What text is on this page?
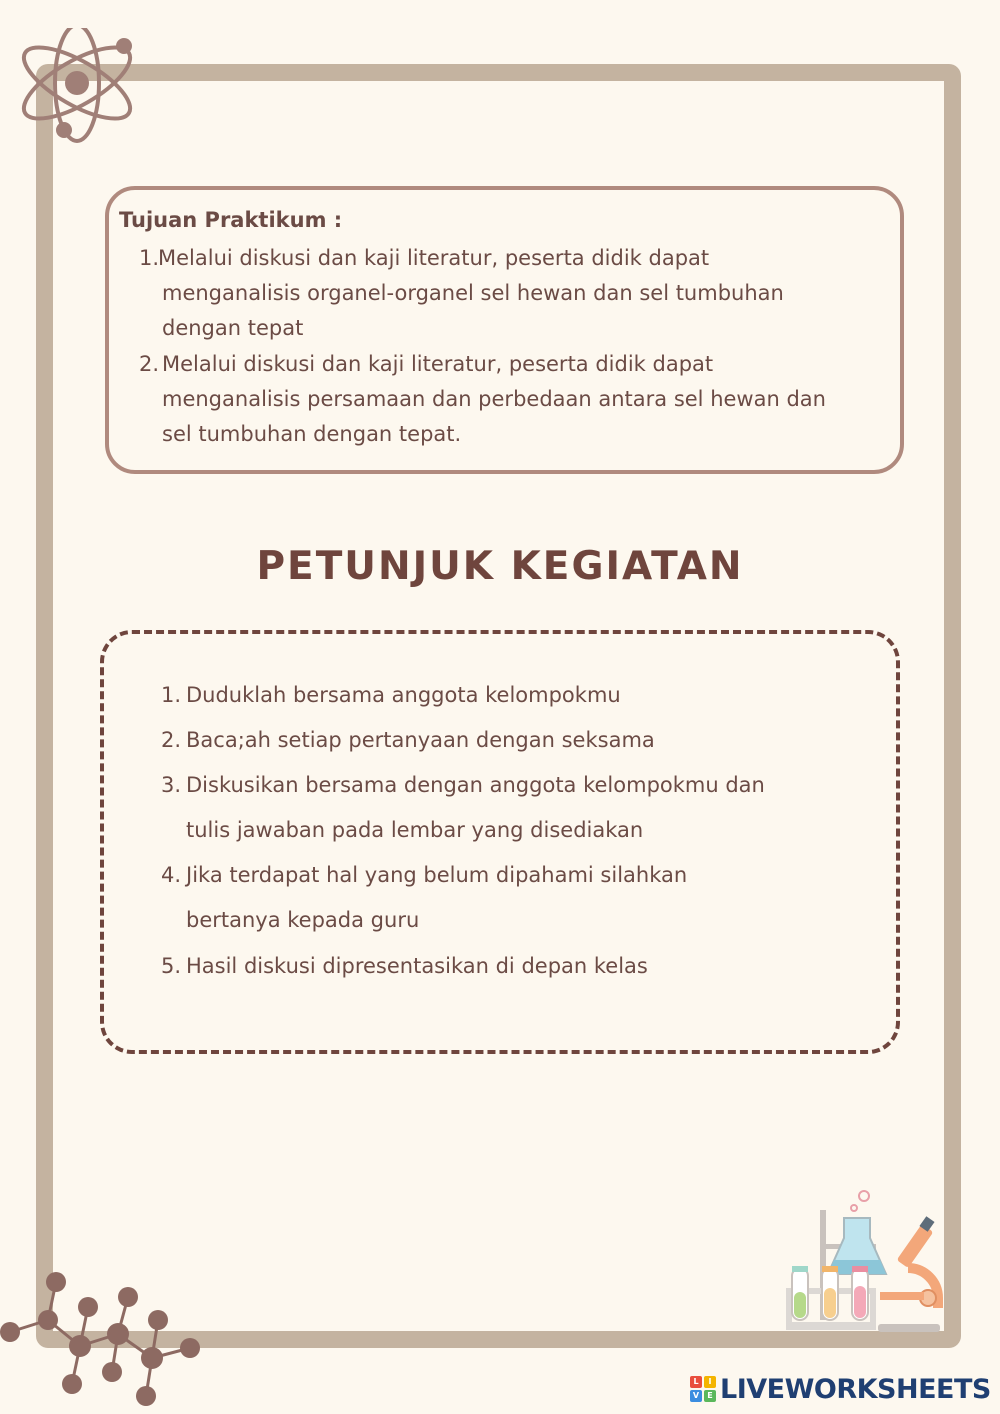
Tujuan Praktikum :
1.
Melalui diskusi dan kaji literatur, peserta didik dapat
menganalisis organel-organel sel hewan dan sel tumbuhan
dengan tepat
2. Melalui diskusi dan kaji literatur, peserta didik dapat
menganalisis persamaan dan perbedaan antara sel hewan dan
sel tumbuhan dengan tepat.
PETUNJUK KEGIATAN
1. Duduklah bersama anggota kelompokmu
2. Baca;ah setiap pertanyaan dengan seksama
3. Diskusikan bersama dengan anggota kelompokmu dan
tulis jawaban pada lembar yang disediakan
4. Jika terdapat hal yang belum dipahami silahkan
bertanya kepada guru
5. Hasil diskusi dipresentasikan di depan kelas
L	I
V	E LIVEWORKSHEETS
